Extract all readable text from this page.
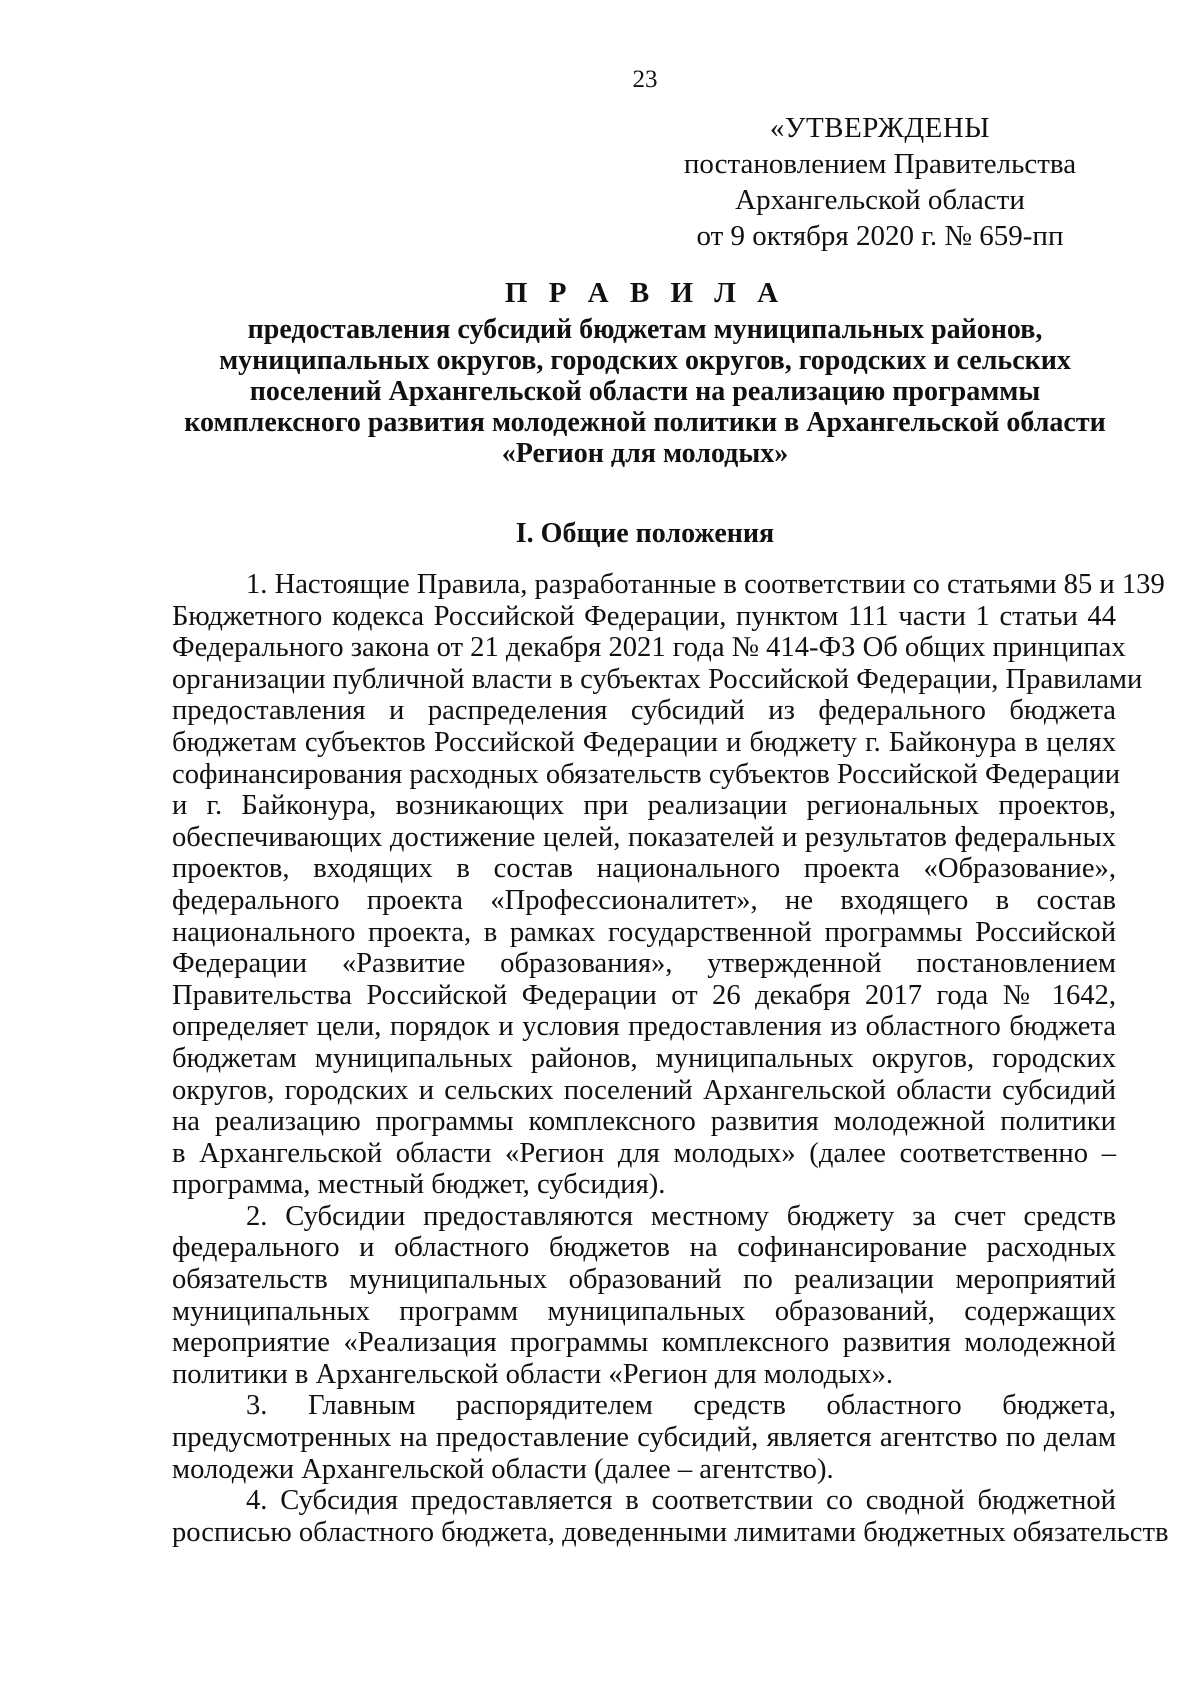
23
«УТВЕРЖДЕНЫ
постановлением Правительства
Архангельской области
от 9 октября 2020 г. № 659-пп
П Р А В И Л А
предоставления субсидий бюджетам муниципальных районов,
муниципальных округов, городских округов, городских и сельских
поселений Архангельской области на реализацию программы
комплексного развития молодежной политики в Архангельской области
«Регион для молодых»
I. Общие положения
1. Настоящие Правила, разработанные в соответствии со статьями 85 и 139
Бюджетного кодекса Российской Федерации, пунктом 111 части 1 статьи 44
Федерального закона от 21 декабря 2021 года № 414-ФЗ Об общих принципах
организации публичной власти в субъектах Российской Федерации, Правилами
предоставления и распределения субсидий из федерального бюджета
бюджетам субъектов Российской Федерации и бюджету г. Байконура в целях
софинансирования расходных обязательств субъектов Российской Федерации
и г. Байконура, возникающих при реализации региональных проектов,
обеспечивающих достижение целей, показателей и результатов федеральных
проектов, входящих в состав национального проекта «Образование»,
федерального проекта «Профессионалитет», не входящего в состав
национального проекта, в рамках государственной программы Российской
Федерации «Развитие образования», утвержденной постановлением
Правительства Российской Федерации от 26 декабря 2017 года № 1642,
определяет цели, порядок и условия предоставления из областного бюджета
бюджетам муниципальных районов, муниципальных округов, городских
округов, городских и сельских поселений Архангельской области субсидий
на реализацию программы комплексного развития молодежной политики
в Архангельской области «Регион для молодых» (далее соответственно –
программа, местный бюджет, субсидия).
2. Субсидии предоставляются местному бюджету за счет средств
федерального и областного бюджетов на софинансирование расходных
обязательств муниципальных образований по реализации мероприятий
муниципальных программ муниципальных образований, содержащих
мероприятие «Реализация программы комплексного развития молодежной
политики в Архангельской области «Регион для молодых».
3. Главным распорядителем средств областного бюджета,
предусмотренных на предоставление субсидий, является агентство по делам
молодежи Архангельской области (далее – агентство).
4. Субсидия предоставляется в соответствии со сводной бюджетной
росписью областного бюджета, доведенными лимитами бюджетных обязательств
